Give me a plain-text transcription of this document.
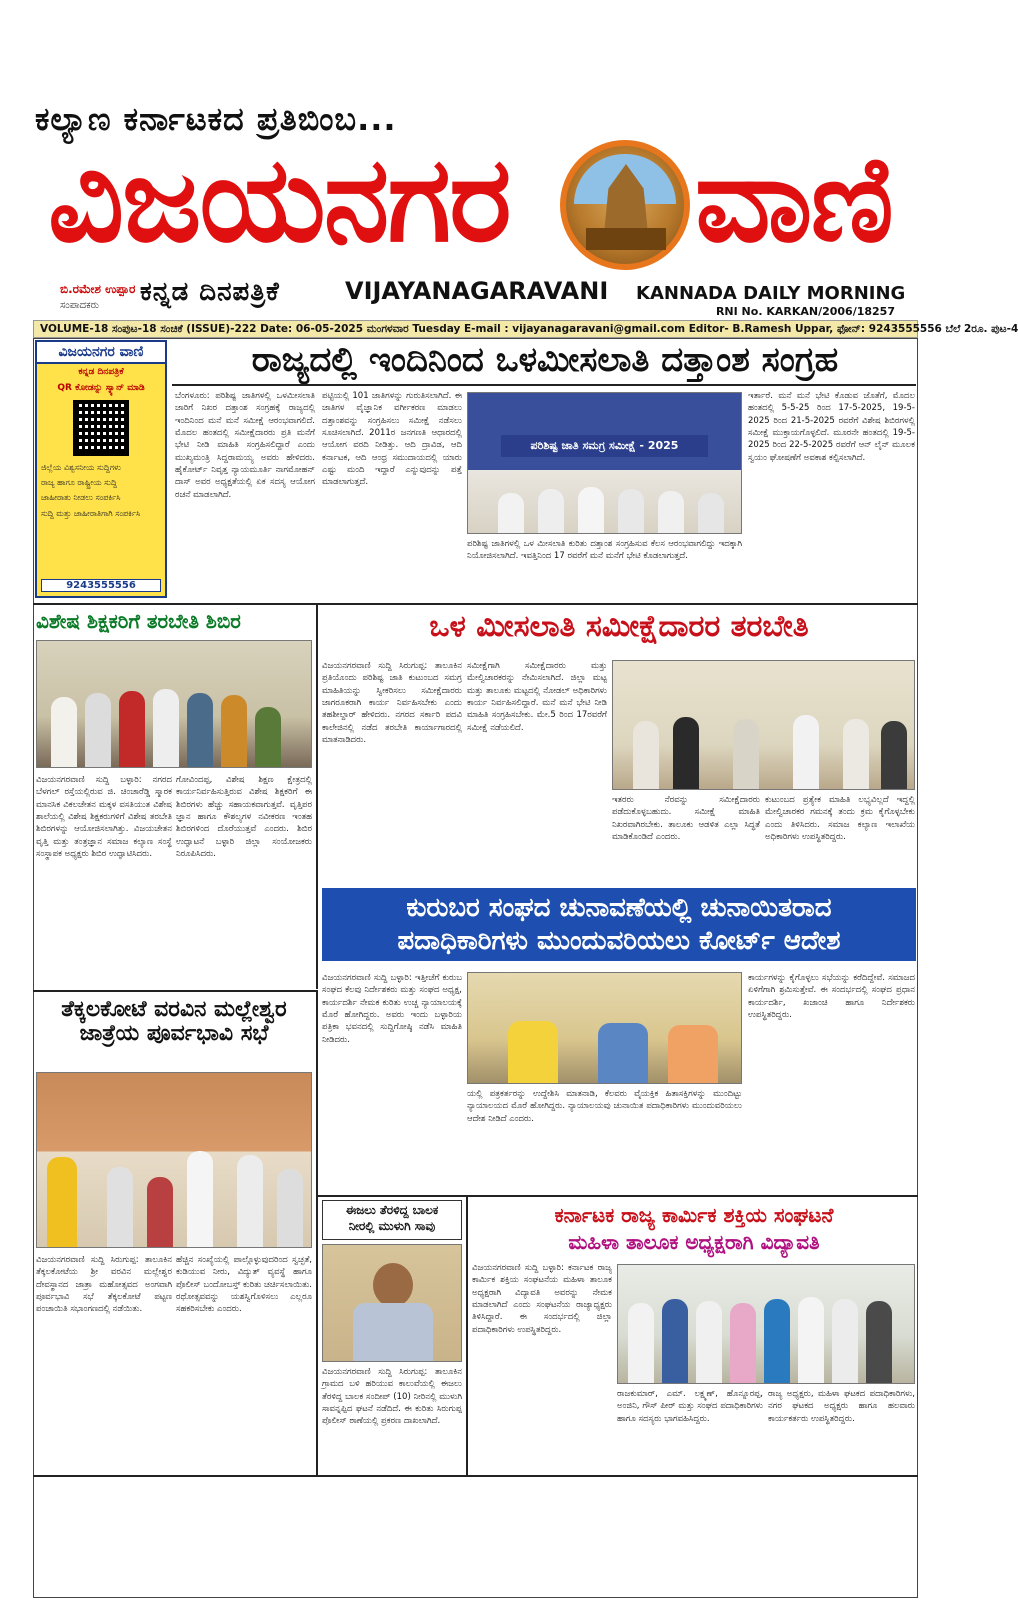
ಕಲ್ಯಾಣ ಕರ್ನಾಟಕದ ಪ್ರತಿಬಿಂಬ...
ವಿಜಯನಗರ ವಾಣಿ
ಬಿ.ರಮೇಶ ಉಪ್ಪಾರ
ಸಂಪಾದಕರು ಕನ್ನಡ ದಿನಪತ್ರಿಕೆ	VIJAYANAGARAVANI KANNADA DAILY MORNING
RNI No. KARKAN/2006/18257
VOLUME-18 ಸಂಪುಟ-18 ಸಂಚಿಕೆ (ISSUE)-222 Date: 06-05-2025 ಮಂಗಳವಾರ Tuesday E-mail : vijayanagaravani@gmail.com Editor- B.Ramesh Uppar, ಫೋನ್: 9243555556 ಬೆಲೆ 2ರೂ. ಪುಟ-4
ವಿಜಯನಗರ ವಾಣಿ
ಕನ್ನಡ ದಿನಪತ್ರಿಕೆ
QR ಕೋಡನ್ನು ಸ್ಕ್ಯಾನ್ ಮಾಡಿ
ಜಿಲ್ಲೆಯ ವಿಶ್ವಸನೀಯ ಸುದ್ದಿಗಳು
ರಾಜ್ಯ ಹಾಗೂ ರಾಷ್ಟ್ರೀಯ ಸುದ್ದಿ
ಜಾಹೀರಾತು ನೀಡಲು ಸಂಪರ್ಕಿಸಿ
ಸುದ್ದಿ ಮತ್ತು ಜಾಹೀರಾತಿಗಾಗಿ ಸಂಪರ್ಕಿಸಿ
9243555556
ರಾಜ್ಯದಲ್ಲಿ ಇಂದಿನಿಂದ ಒಳಮೀಸಲಾತಿ ದತ್ತಾಂಶ ಸಂಗ್ರಹ
ಬೆಂಗಳೂರು: ಪರಿಶಿಷ್ಟ ಜಾತಿಗಳಲ್ಲಿ ಒಳಮೀಸಲಾತಿ ಜಾರಿಗೆ ನಿಖರ ದತ್ತಾಂಶ ಸಂಗ್ರಹಕ್ಕೆ ರಾಜ್ಯದಲ್ಲಿ ಇಂದಿನಿಂದ ಮನೆ ಮನೆ ಸಮೀಕ್ಷೆ ಆರಂಭವಾಗಲಿದೆ. ಮೊದಲ ಹಂತದಲ್ಲಿ ಸಮೀಕ್ಷೆದಾರರು ಪ್ರತಿ ಮನೆಗೆ ಭೇಟಿ ನೀಡಿ ಮಾಹಿತಿ ಸಂಗ್ರಹಿಸಲಿದ್ದಾರೆ ಎಂದು ಮುಖ್ಯಮಂತ್ರಿ ಸಿದ್ದರಾಮಯ್ಯ ಅವರು ಹೇಳಿದರು. ಹೈಕೋರ್ಟ್ ನಿವೃತ್ತ ನ್ಯಾಯಮೂರ್ತಿ ನಾಗಮೋಹನ್ ದಾಸ್ ಅವರ ಅಧ್ಯಕ್ಷತೆಯಲ್ಲಿ ಏಕ ಸದಸ್ಯ ಆಯೋಗ ರಚನೆ ಮಾಡಲಾಗಿದೆ.
ಪಟ್ಟಿಯಲ್ಲಿ 101 ಜಾತಿಗಳನ್ನು ಗುರುತಿಸಲಾಗಿದೆ. ಈ ಜಾತಿಗಳ ವೈಜ್ಞಾನಿಕ ವರ್ಗೀಕರಣ ಮಾಡಲು ದತ್ತಾಂಶವನ್ನು ಸಂಗ್ರಹಿಸಲು ಸಮೀಕ್ಷೆ ನಡೆಸಲು ಸೂಚಿಸಲಾಗಿದೆ. 2011ರ ಜನಗಣತಿ ಆಧಾರದಲ್ಲಿ ಆಯೋಗ ವರದಿ ನೀಡಿತ್ತು. ಆದಿ ದ್ರಾವಿಡ, ಆದಿ ಕರ್ನಾಟಕ, ಆದಿ ಆಂಧ್ರ ಸಮುದಾಯದಲ್ಲಿ ಯಾರು ಎಷ್ಟು ಮಂದಿ ಇದ್ದಾರೆ ಎನ್ನುವುದನ್ನು ಪತ್ತೆ ಮಾಡಲಾಗುತ್ತದೆ.
ಪರಿಶಿಷ್ಟ ಜಾತಿ ಸಮಗ್ರ ಸಮೀಕ್ಷೆ - 2025
ಪರಿಶಿಷ್ಟ ಜಾತಿಗಳಲ್ಲಿ ಒಳ ಮೀಸಲಾತಿ ಕುರಿತು ದತ್ತಾಂಶ ಸಂಗ್ರಹಿಸುವ ಕೆಲಸ ಆರಂಭವಾಗಲಿದ್ದು ಇದಕ್ಕಾಗಿ ನಿಯೋಜಿಸಲಾಗಿದೆ. ಇವತ್ತಿನಿಂದ 17 ರವರೆಗೆ ಮನೆ ಮನೆಗೆ ಭೇಟಿ ಕೊಡಲಾಗುತ್ತದೆ.
ಇರ್ತಾರೆ. ಮನೆ ಮನೆ ಭೇಟಿ ಕೊಡುವ ಜೊತೆಗೆ, ಮೊದಲ ಹಂತದಲ್ಲಿ 5-5-25 ರಿಂದ 17-5-2025, 19-5-2025 ರಿಂದ 21-5-2025 ರವರೆಗೆ ವಿಶೇಷ ಶಿಬಿರಗಳಲ್ಲಿ ಸಮೀಕ್ಷೆ ಮುಕ್ತಾಯಗೊಳ್ಳಲಿದೆ. ಮೂರನೇ ಹಂತದಲ್ಲಿ 19-5-2025 ರಿಂದ 22-5-2025 ರವರೆಗೆ ಆನ್ ಲೈನ್ ಮೂಲಕ ಸ್ವಯಂ ಘೋಷಣೆಗೆ ಅವಕಾಶ ಕಲ್ಪಿಸಲಾಗಿದೆ.
ವಿಶೇಷ ಶಿಕ್ಷಕರಿಗೆ ತರಬೇತಿ ಶಿಬಿರ
ವಿಜಯನಗರವಾಣಿ ಸುದ್ದಿ ಬಳ್ಳಾರಿ: ನಗರದ ಬೆಳಗಲ್ ರಸ್ತೆಯಲ್ಲಿರುವ ಜಿ. ಚಿಂಚಾರೆಡ್ಡಿ ಸ್ಮಾರಕ ಮಾನಸಿಕ ವಿಕಲಚೇತನ ಮಕ್ಕಳ ವಸತಿಯುತ ವಿಶೇಷ ಶಾಲೆಯಲ್ಲಿ ವಿಶೇಷ ಶಿಕ್ಷಕರುಗಳಿಗೆ ವಿಶೇಷ ತರಬೇತಿ ಶಿಬಿರಗಳನ್ನು ಆಯೋಜಿಸಲಾಗಿತ್ತು. ವಿಜಯಚೇತನ ವೃತ್ತಿ ಮತ್ತು ತಂತ್ರಜ್ಞಾನ ಸಮಾಜ ಕಲ್ಯಾಣ ಸಂಸ್ಥೆ ಸಂಸ್ಥಾಪಕ ಅಧ್ಯಕ್ಷರು ಶಿಬಿರ ಉದ್ಘಾಟಿಸಿದರು.
ಗೋವಿಂದಪ್ಪ, ವಿಶೇಷ ಶಿಕ್ಷಣ ಕ್ಷೇತ್ರದಲ್ಲಿ ಕಾರ್ಯನಿರ್ವಹಿಸುತ್ತಿರುವ ವಿಶೇಷ ಶಿಕ್ಷಕರಿಗೆ ಈ ಶಿಬಿರಗಳು ಹೆಚ್ಚು ಸಹಾಯಕವಾಗುತ್ತವೆ. ವೃತ್ತಿಪರ ಜ್ಞಾನ ಹಾಗೂ ಕೌಶಲ್ಯಗಳ ನವೀಕರಣ ಇಂತಹ ಶಿಬಿರಗಳಿಂದ ದೊರೆಯುತ್ತವೆ ಎಂದರು. ಶಿಬಿರ ಉದ್ಘಾಟನೆ ಬಳ್ಳಾರಿ ಜಿಲ್ಲಾ ಸಂಯೋಜಕರು ನಿರೂಪಿಸಿದರು.
ಒಳ ಮೀಸಲಾತಿ ಸಮೀಕ್ಷೆದಾರರ ತರಬೇತಿ
ವಿಜಯನಗರವಾಣಿ ಸುದ್ದಿ ಸಿರುಗುಪ್ಪ: ತಾಲೂಕಿನ ಪ್ರತಿಯೊಂದು ಪರಿಶಿಷ್ಟ ಜಾತಿ ಕುಟುಂಬದ ಸಮಗ್ರ ಮಾಹಿತಿಯನ್ನು ಸ್ವೀಕರಿಸಲು ಸಮೀಕ್ಷೆದಾರರು ಜಾಗರೂಕರಾಗಿ ಕಾರ್ಯ ನಿರ್ವಹಿಸಬೇಕು ಎಂದು ತಹಶೀಲ್ದಾರ್ ಹೇಳಿದರು. ನಗರದ ಸರ್ಕಾರಿ ಪದವಿ ಕಾಲೇಜಿನಲ್ಲಿ ನಡೆದ ತರಬೇತಿ ಕಾರ್ಯಾಗಾರದಲ್ಲಿ ಮಾತನಾಡಿದರು.
ಸಮೀಕ್ಷೆಗಾಗಿ ಸಮೀಕ್ಷೆದಾರರು ಮತ್ತು ಮೇಲ್ವಿಚಾರಕರನ್ನು ನೇಮಿಸಲಾಗಿದೆ. ಜಿಲ್ಲಾ ಮಟ್ಟ ಮತ್ತು ತಾಲೂಕು ಮಟ್ಟದಲ್ಲಿ ನೋಡಲ್ ಅಧಿಕಾರಿಗಳು ಕಾರ್ಯ ನಿರ್ವಹಿಸಲಿದ್ದಾರೆ. ಮನೆ ಮನೆ ಭೇಟಿ ನೀಡಿ ಮಾಹಿತಿ ಸಂಗ್ರಹಿಸಬೇಕು. ಮೇ.5 ರಿಂದ 17ರವರೆಗೆ ಸಮೀಕ್ಷೆ ನಡೆಯಲಿದೆ.
ಇತರರು ನೆರವನ್ನು ಸಮೀಕ್ಷೆದಾರರು ಪಡೆದುಕೊಳ್ಳಬಹುದು. ಸಮೀಕ್ಷೆ ಮಾಹಿತಿ ನಿಖರವಾಗಿರಬೇಕು. ತಾಲೂಕು ಆಡಳಿತ ಎಲ್ಲಾ ಸಿದ್ಧತೆ ಮಾಡಿಕೊಂಡಿದೆ ಎಂದರು.
ಕುಟುಂಬದ ಪ್ರತ್ಯೇಕ ಮಾಹಿತಿ ಲಭ್ಯವಿಲ್ಲದೆ ಇದ್ದಲ್ಲಿ ಮೇಲ್ವಿಚಾರಕರ ಗಮನಕ್ಕೆ ತಂದು ಕ್ರಮ ಕೈಗೊಳ್ಳಬೇಕು ಎಂದು ತಿಳಿಸಿದರು. ಸಮಾಜ ಕಲ್ಯಾಣ ಇಲಾಖೆಯ ಅಧಿಕಾರಿಗಳು ಉಪಸ್ಥಿತರಿದ್ದರು.
ಕುರುಬರ ಸಂಘದ ಚುನಾವಣೆಯಲ್ಲಿ ಚುನಾಯಿತರಾದ
ಪದಾಧಿಕಾರಿಗಳು ಮುಂದುವರಿಯಲು ಕೋರ್ಟ್ ಆದೇಶ
ವಿಜಯನಗರವಾಣಿ ಸುದ್ದಿ ಬಳ್ಳಾರಿ: ಇತ್ತೀಚೆಗೆ ಕುರುಬ ಸಂಘದ ಕೆಲವು ನಿರ್ದೇಶಕರು ಮತ್ತು ಸಂಘದ ಅಧ್ಯಕ್ಷ, ಕಾರ್ಯದರ್ಶಿ ನೇಮಕ ಕುರಿತು ಉಚ್ಚ ನ್ಯಾಯಾಲಯಕ್ಕೆ ಮೊರೆ ಹೋಗಿದ್ದರು. ಅವರು ಇಂದು ಬಳ್ಳಾರಿಯ ಪತ್ರಿಕಾ ಭವನದಲ್ಲಿ ಸುದ್ದಿಗೋಷ್ಠಿ ನಡೆಸಿ ಮಾಹಿತಿ ನೀಡಿದರು.
ಯಲ್ಲಿ ಪತ್ರಕರ್ತರನ್ನು ಉದ್ದೇಶಿಸಿ ಮಾತನಾಡಿ, ಕೆಲವರು ವೈಯಕ್ತಿಕ ಹಿತಾಸಕ್ತಿಗಳನ್ನು ಮುಂದಿಟ್ಟು ನ್ಯಾಯಾಲಯದ ಮೊರೆ ಹೋಗಿದ್ದರು. ನ್ಯಾಯಾಲಯವು ಚುನಾಯಿತ ಪದಾಧಿಕಾರಿಗಳು ಮುಂದುವರಿಯಲು ಆದೇಶ ನೀಡಿದೆ ಎಂದರು.
ಕಾರ್ಯಗಳನ್ನು ಕೈಗೊಳ್ಳಲು ಸಭೆಯನ್ನು ಕರೆದಿದ್ದೇವೆ. ಸಮಾಜದ ಏಳಿಗೆಗಾಗಿ ಶ್ರಮಿಸುತ್ತೇವೆ. ಈ ಸಂದರ್ಭದಲ್ಲಿ ಸಂಘದ ಪ್ರಧಾನ ಕಾರ್ಯದರ್ಶಿ, ಖಜಾಂಚಿ ಹಾಗೂ ನಿರ್ದೇಶಕರು ಉಪಸ್ಥಿತರಿದ್ದರು.
ತೆಕ್ಕಲಕೋಟೆ ವರವಿನ ಮಲ್ಲೇಶ್ವರ
ಜಾತ್ರೆಯ ಪೂರ್ವಭಾವಿ ಸಭೆ
ವಿಜಯನಗರವಾಣಿ ಸುದ್ದಿ ಸಿರುಗುಪ್ಪ: ತಾಲೂಕಿನ ತೆಕ್ಕಲಕೋಟೆಯ ಶ್ರೀ ವರವಿನ ಮಲ್ಲೇಶ್ವರ ದೇವಸ್ಥಾನದ ಜಾತ್ರಾ ಮಹೋತ್ಸವದ ಅಂಗವಾಗಿ ಪೂರ್ವಭಾವಿ ಸಭೆ ತೆಕ್ಕಲಕೋಟೆ ಪಟ್ಟಣ ಪಂಚಾಯಿತಿ ಸಭಾಂಗಣದಲ್ಲಿ ನಡೆಯಿತು.
ಹೆಚ್ಚಿನ ಸಂಖ್ಯೆಯಲ್ಲಿ ಪಾಲ್ಗೊಳ್ಳುವುದರಿಂದ ಸ್ವಚ್ಛತೆ, ಕುಡಿಯುವ ನೀರು, ವಿದ್ಯುತ್ ವ್ಯವಸ್ಥೆ ಹಾಗೂ ಪೊಲೀಸ್ ಬಂದೋಬಸ್ತ್ ಕುರಿತು ಚರ್ಚಿಸಲಾಯಿತು. ರಥೋತ್ಸವವನ್ನು ಯಶಸ್ವಿಗೊಳಿಸಲು ಎಲ್ಲರೂ ಸಹಕರಿಸಬೇಕು ಎಂದರು.
ಈಜಲು ತೆರಳಿದ್ದ ಬಾಲಕ
ನೀರಲ್ಲಿ ಮುಳುಗಿ ಸಾವು
ವಿಜಯನಗರವಾಣಿ ಸುದ್ದಿ ಸಿರುಗುಪ್ಪ: ತಾಲೂಕಿನ ಗ್ರಾಮದ ಬಳಿ ಹರಿಯುವ ಕಾಲುವೆಯಲ್ಲಿ ಈಜಲು ತೆರಳಿದ್ದ ಬಾಲಕ ಸಂದೀಪ್ (10) ನೀರಿನಲ್ಲಿ ಮುಳುಗಿ ಸಾವನ್ನಪ್ಪಿದ ಘಟನೆ ನಡೆದಿದೆ. ಈ ಕುರಿತು ಸಿರುಗುಪ್ಪ ಪೊಲೀಸ್ ಠಾಣೆಯಲ್ಲಿ ಪ್ರಕರಣ ದಾಖಲಾಗಿದೆ.
ಕರ್ನಾಟಕ ರಾಜ್ಯ ಕಾರ್ಮಿಕ ಶಕ್ತಿಯ ಸಂಘಟನೆ
ಮಹಿಳಾ ತಾಲೂಕ ಅಧ್ಯಕ್ಷರಾಗಿ ವಿದ್ಯಾವತಿ
ವಿಜಯನಗರವಾಣಿ ಸುದ್ದಿ ಬಳ್ಳಾರಿ: ಕರ್ನಾಟಕ ರಾಜ್ಯ ಕಾರ್ಮಿಕ ಶಕ್ತಿಯ ಸಂಘಟನೆಯ ಮಹಿಳಾ ತಾಲೂಕ ಅಧ್ಯಕ್ಷರಾಗಿ ವಿದ್ಯಾವತಿ ಅವರನ್ನು ನೇಮಕ ಮಾಡಲಾಗಿದೆ ಎಂದು ಸಂಘಟನೆಯ ರಾಜ್ಯಾಧ್ಯಕ್ಷರು ತಿಳಿಸಿದ್ದಾರೆ. ಈ ಸಂದರ್ಭದಲ್ಲಿ ಜಿಲ್ಲಾ ಪದಾಧಿಕಾರಿಗಳು ಉಪಸ್ಥಿತರಿದ್ದರು.
ರಾಜಕುಮಾರ್, ಎಮ್. ಲಕ್ಷ್ಮಣ್, ಹೊನ್ನೂರಪ್ಪ, ಅಂಜಿನಿ, ಗೌಸ್ ಪೀರ್ ಮತ್ತು ಸಂಘದ ಪದಾಧಿಕಾರಿಗಳು ಹಾಗೂ ಸದಸ್ಯರು ಭಾಗವಹಿಸಿದ್ದರು.
ರಾಜ್ಯ ಅಧ್ಯಕ್ಷರು, ಮಹಿಳಾ ಘಟಕದ ಪದಾಧಿಕಾರಿಗಳು, ನಗರ ಘಟಕದ ಅಧ್ಯಕ್ಷರು ಹಾಗೂ ಹಲವಾರು ಕಾರ್ಯಕರ್ತರು ಉಪಸ್ಥಿತರಿದ್ದರು.
